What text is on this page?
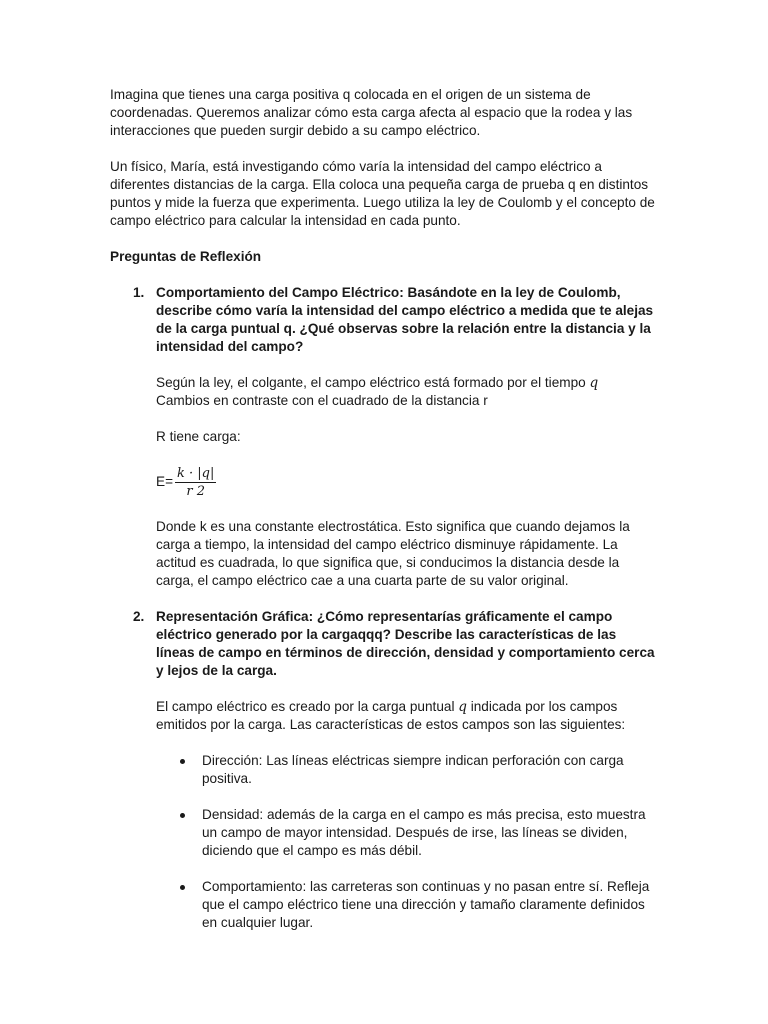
Imagina que tienes una carga positiva q colocada en el origen de un sistema de coordenadas. Queremos analizar cómo esta carga afecta al espacio que la rodea y las interacciones que pueden surgir debido a su campo eléctrico.

Un físico, María, está investigando cómo varía la intensidad del campo eléctrico a diferentes distancias de la carga. Ella coloca una pequeña carga de prueba q en distintos puntos y mide la fuerza que experimenta. Luego utiliza la ley de Coulomb y el concepto de campo eléctrico para calcular la intensidad en cada punto.

Preguntas de Reflexión

1. Comportamiento del Campo Eléctrico: Basándote en la ley de Coulomb, describe cómo varía la intensidad del campo eléctrico a medida que te alejas de la carga puntual q. ¿Qué observas sobre la relación entre la distancia y la intensidad del campo?

Según la ley, el colgante, el campo eléctrico está formado por el tiempo q
Cambios en contraste con el cuadrado de la distancia r

R tiene carga:

$E= \frac{k \cdot |q|}{r 2}$

Donde k es una constante electrostática. Esto significa que cuando dejamos la carga a tiempo, la intensidad del campo eléctrico disminuye rápidamente. La actitud es cuadrada, lo que significa que, si conducimos la distancia desde la carga, el campo eléctrico cae a una cuarta parte de su valor original.

2. Representación Gráfica: ¿Cómo representarías gráficamente el campo eléctrico generado por la cargaqqq? Describe las características de las líneas de campo en términos de dirección, densidad y comportamiento cerca y lejos de la carga.

El campo eléctrico es creado por la carga puntual q indicada por los campos emitidos por la carga. Las características de estos campos son las siguientes:

Dirección: Las líneas eléctricas siempre indican perforación con carga positiva.
Densidad: además de la carga en el campo es más precisa, esto muestra un campo de mayor intensidad. Después de irse, las líneas se dividen, diciendo que el campo es más débil.
Comportamiento: las carreteras son continuas y no pasan entre sí. Refleja que el campo eléctrico tiene una dirección y tamaño claramente definidos en cualquier lugar.
